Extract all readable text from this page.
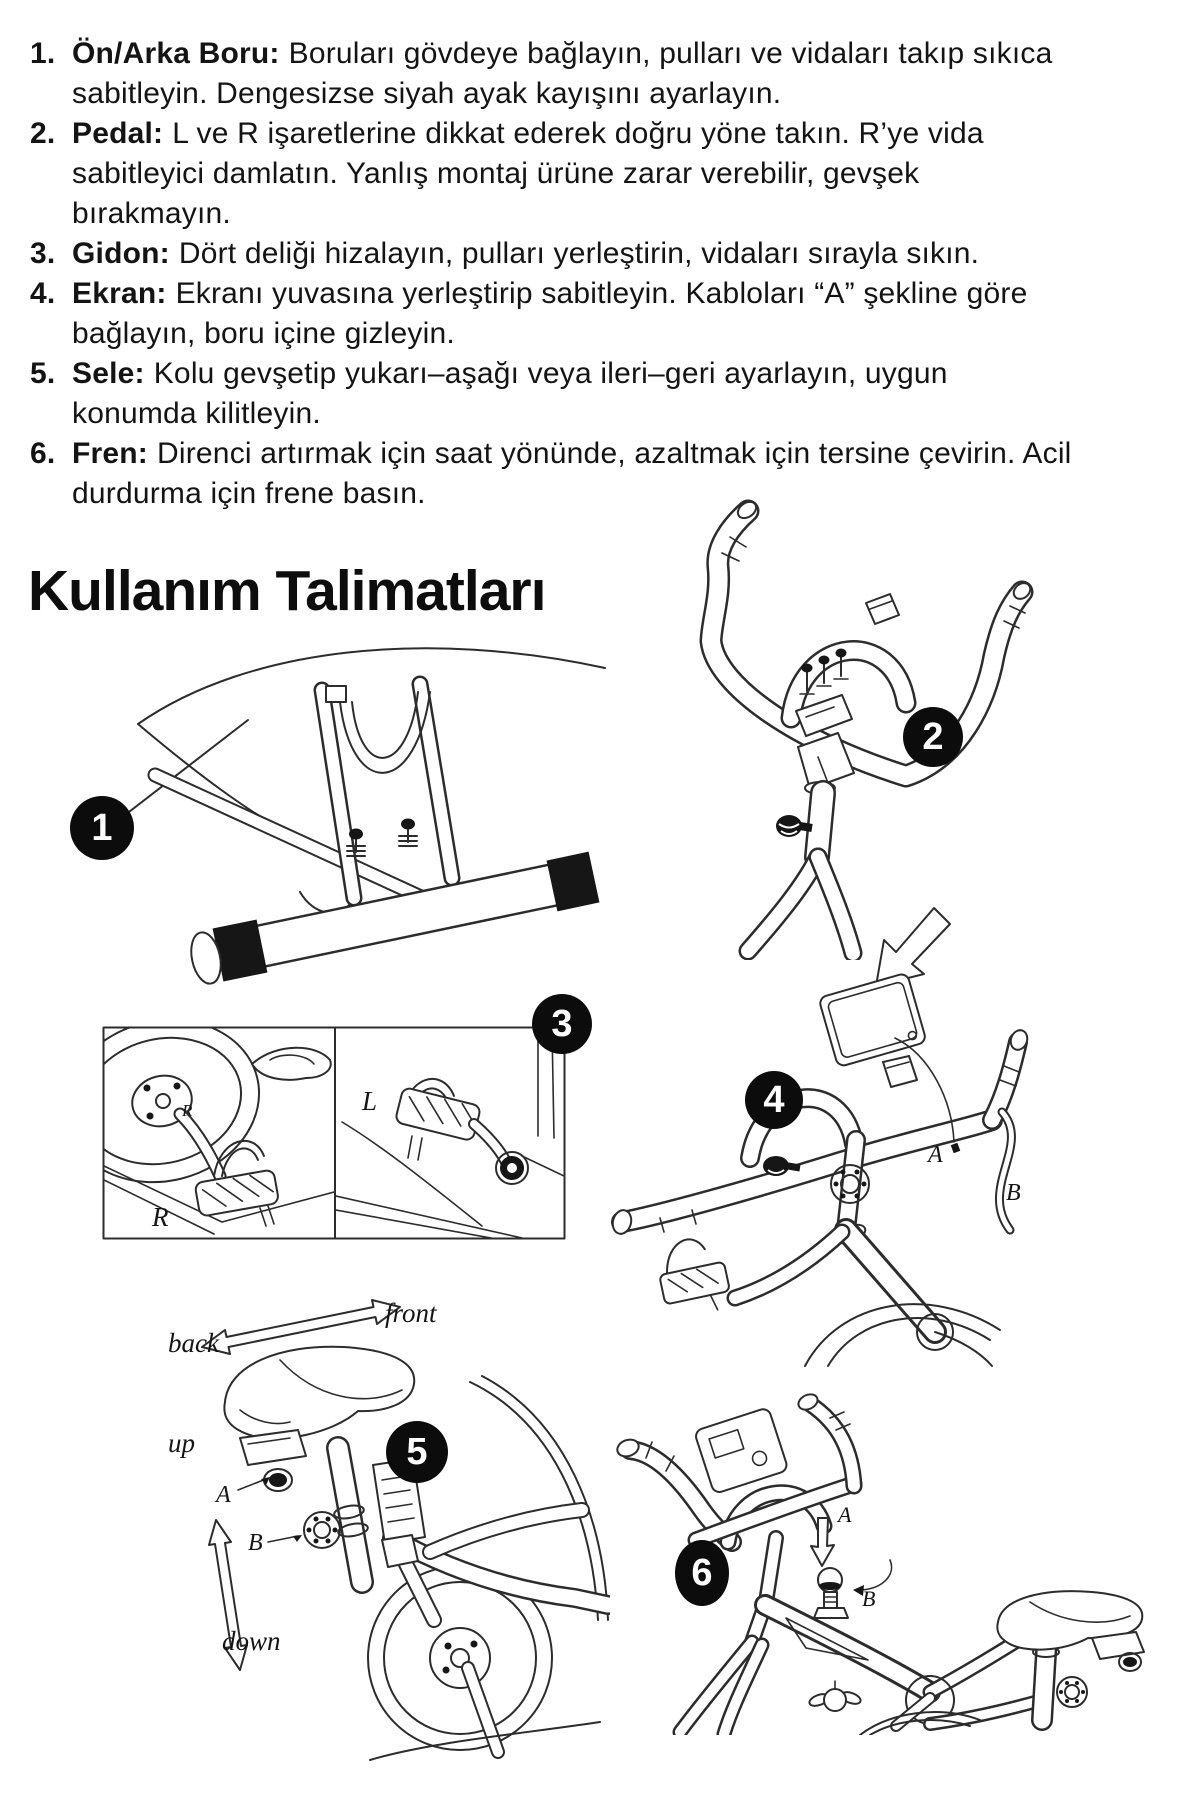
1. Ön/Arka Boru: Boruları gövdeye bağlayın, pulları ve vidaları takıp sıkıca sabitleyin. Dengesizse siyah ayak kayışını ayarlayın.
2. Pedal: L ve R işaretlerine dikkat ederek doğru yöne takın. R’ye vida sabitleyici damlatın. Yanlış montaj ürüne zarar verebilir, gevşek bırakmayın.
3. Gidon: Dört deliği hizalayın, pulları yerleştirin, vidaları sırayla sıkın.
4. Ekran: Ekranı yuvasına yerleştirip sabitleyin. Kabloları “A” şekline göre bağlayın, boru içine gizleyin.
5. Sele: Kolu gevşetip yukarı–aşağı veya ileri–geri ayarlayın, uygun konumda kilitleyin.
6. Fren: Direnci artırmak için saat yönünde, azaltmak için tersine çevirin. Acil durdurma için frene basın.
Kullanım Talimatları
R
R
L
A
B
front
back
up
down
A
B
A
B
1
2
3
4
5
6
